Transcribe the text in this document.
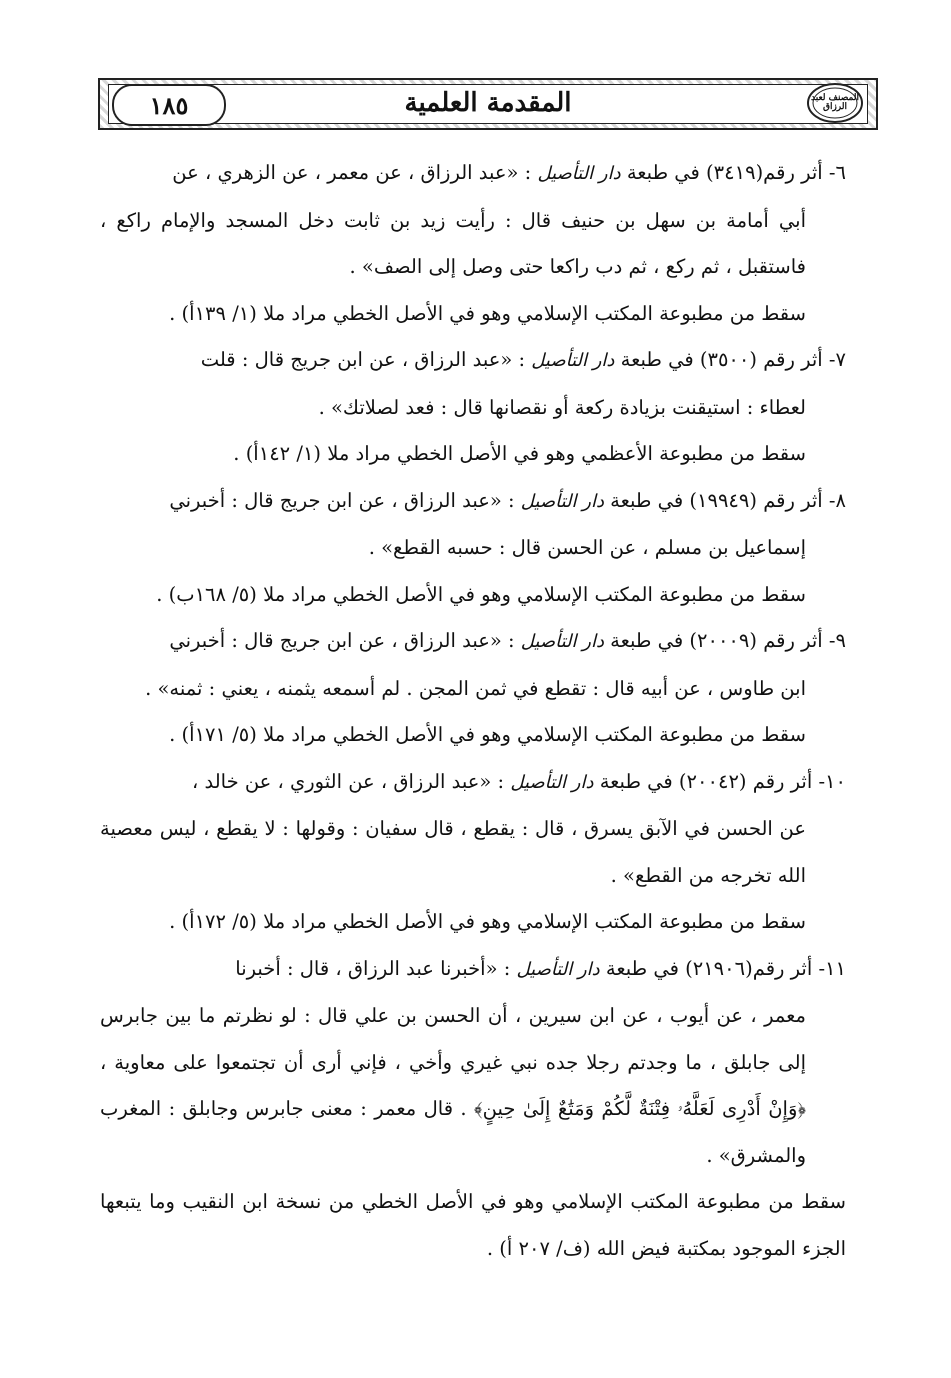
١٨٥	المقدمة العلمية	المصنف لعبد الرزاق

٦- أثر رقم(٣٤١٩) في طبعة دار التأصيل : «عبد الرزاق ، عن معمر ، عن الزهري ، عن
أبي أمامة بن سهل بن حنيف قال : رأيت زيد بن ثابت دخل المسجد والإمام راكع ، فاستقبل ، ثم ركع ، ثم دب راكعا حتى وصل إلى الصف» .

سقط من مطبوعة المكتب الإسلامي وهو في الأصل الخطي مراد ملا (١/ ١٣٩أ) .

٧- أثر رقم (٣٥٠٠) في طبعة دار التأصيل : «عبد الرزاق ، عن ابن جريج قال : قلت
لعطاء : استيقنت بزيادة ركعة أو نقصانها قال : فعد لصلاتك» .

سقط من مطبوعة الأعظمي وهو في الأصل الخطي مراد ملا (١/ ١٤٢أ) .

٨- أثر رقم (١٩٩٤٩) في طبعة دار التأصيل : «عبد الرزاق ، عن ابن جريج قال : أخبرني
إسماعيل بن مسلم ، عن الحسن قال : حسبه القطع» .

سقط من مطبوعة المكتب الإسلامي وهو في الأصل الخطي مراد ملا (٥/ ١٦٨ب) .

٩- أثر رقم (٢٠٠٠٩) في طبعة دار التأصيل : «عبد الرزاق ، عن ابن جريج قال : أخبرني
ابن طاوس ، عن أبيه قال : تقطع في ثمن المجن . لم أسمعه يثمنه ، يعني : ثمنه» .

سقط من مطبوعة المكتب الإسلامي وهو في الأصل الخطي مراد ملا (٥/ ١٧١أ) .

١٠- أثر رقم (٢٠٠٤٢) في طبعة دار التأصيل : «عبد الرزاق ، عن الثوري ، عن خالد ،
عن الحسن في الآبق يسرق ، قال : يقطع ، قال سفيان : وقولها : لا يقطع ، ليس معصية الله تخرجه من القطع» .

سقط من مطبوعة المكتب الإسلامي وهو في الأصل الخطي مراد ملا (٥/ ١٧٢أ) .

١١- أثر رقم(٢١٩٠٦) في طبعة دار التأصيل : «أخبرنا عبد الرزاق ، قال : أخبرنا
معمر ، عن أيوب ، عن ابن سيرين ، أن الحسن بن علي قال : لو نظرتم ما بين جابرس إلى جابلق ، ما وجدتم رجلا جده نبي غيري وأخي ، فإني أرى أن تجتمعوا على معاوية ، ﴿وَإِنْ أَدْرِى لَعَلَّهُۥ فِتْنَةٌ لَّكُمْ وَمَتَٰعٌ إِلَىٰ حِينٍ﴾ . قال معمر : معنى جابرس وجابلق : المغرب والمشرق» .

سقط من مطبوعة المكتب الإسلامي وهو في الأصل الخطي من نسخة ابن النقيب وما يتبعها الجزء الموجود بمكتبة فيض الله (ف/ ٢٠٧ أ) .
